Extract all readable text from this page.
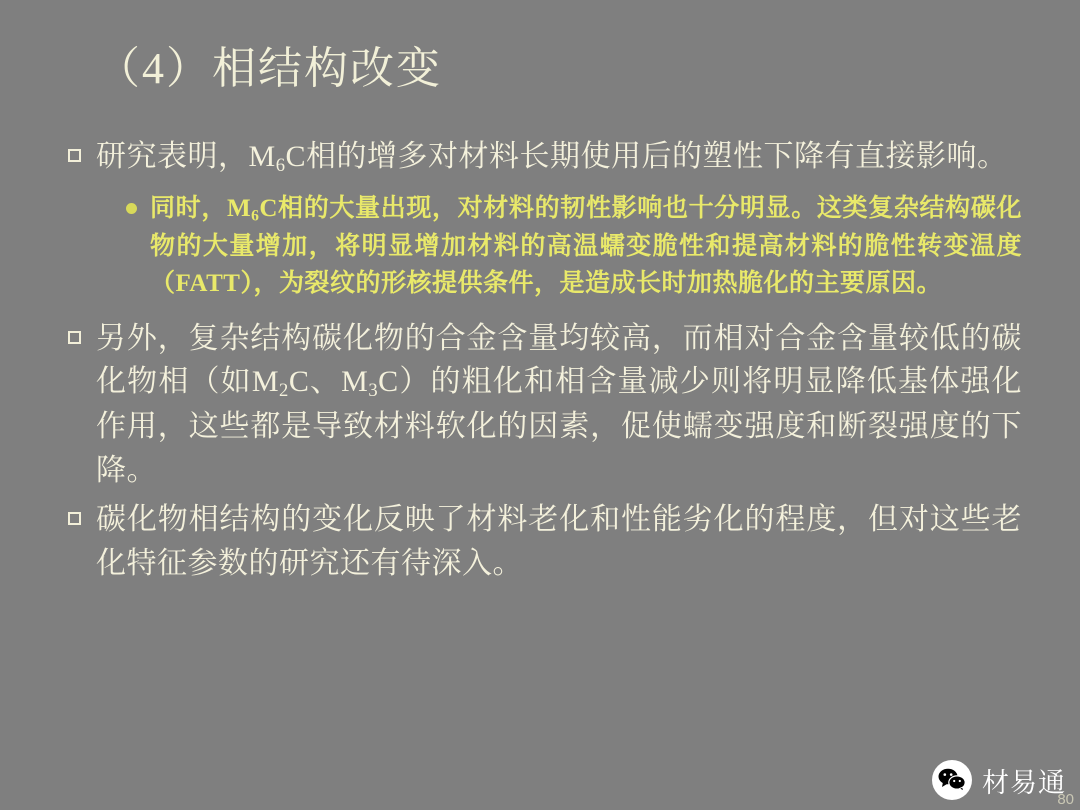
（4）相结构改变
研究表明，$M_6C$相的增多对材料长期使用后的塑性下降有直接影响。
同时，$M_6C$相的大量出现，对材料的韧性影响也十分明显。这类复杂结构碳化物的大量增加，将明显增加材料的高温蠕变脆性和提高材料的脆性转变温度（FATT），为裂纹的形核提供条件，是造成长时加热脆化的主要原因。
另外，复杂结构碳化物的合金含量均较高，而相对合金含量较低的碳化物相（如$M_2C$、$M_3C$）的粗化和相含量减少则将明显降低基体强化作用，这些都是导致材料软化的因素，促使蠕变强度和断裂强度的下降。
碳化物相结构的变化反映了材料老化和性能劣化的程度，但对这些老化特征参数的研究还有待深入。
材易通
80
